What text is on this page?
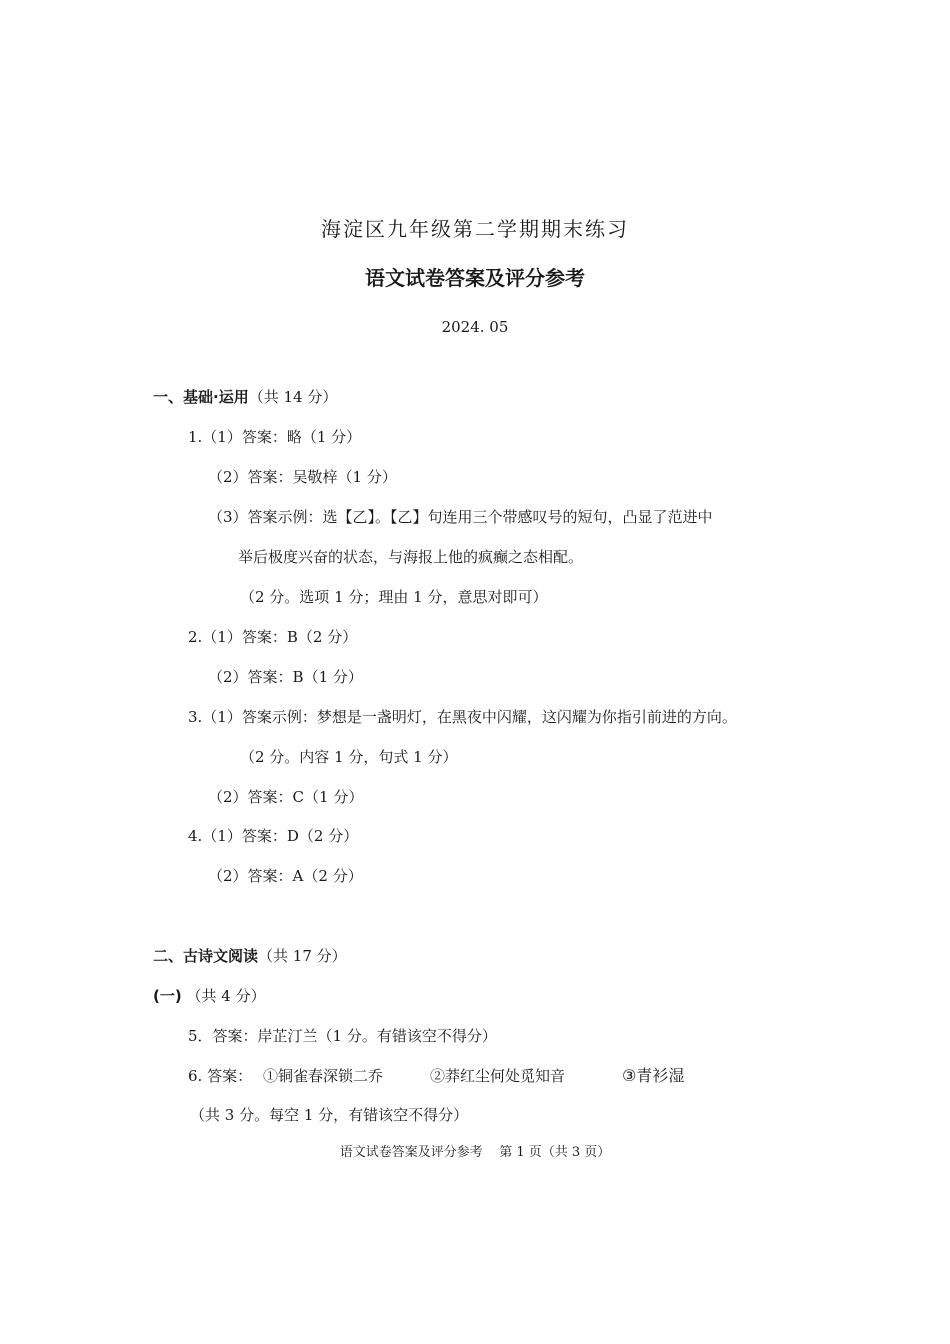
海淀区九年级第二学期期末练习
语文试卷答案及评分参考
2024. 05
一、基础·运用（共 14 分）
1.（1）答案：略（1 分）
（2）答案：吴敬梓（1 分）
（3）答案示例：选【乙】。【乙】句连用三个带感叹号的短句，凸显了范进中
举后极度兴奋的状态，与海报上他的疯癫之态相配。
（2 分。选项 1 分；理由 1 分，意思对即可）
2.（1）答案：B（2 分）
（2）答案：B（1 分）
3.（1）答案示例：梦想是一盏明灯，在黑夜中闪耀，这闪耀为你指引前进的方向。
（2 分。内容 1 分，句式 1 分）
（2）答案：C（1 分）
4.（1）答案：D（2 分）
（2）答案：A（2 分）
二、古诗文阅读（共 17 分）
(一) （共 4 分）
5．答案：岸芷汀兰（1 分。有错该空不得分）
6. 答案： ①铜雀春深锁二乔	②莽红尘何处觅知音	③青衫湿
（共 3 分。每空 1 分，有错该空不得分）
语文试卷答案及评分参考    第 1 页（共 3 页）
